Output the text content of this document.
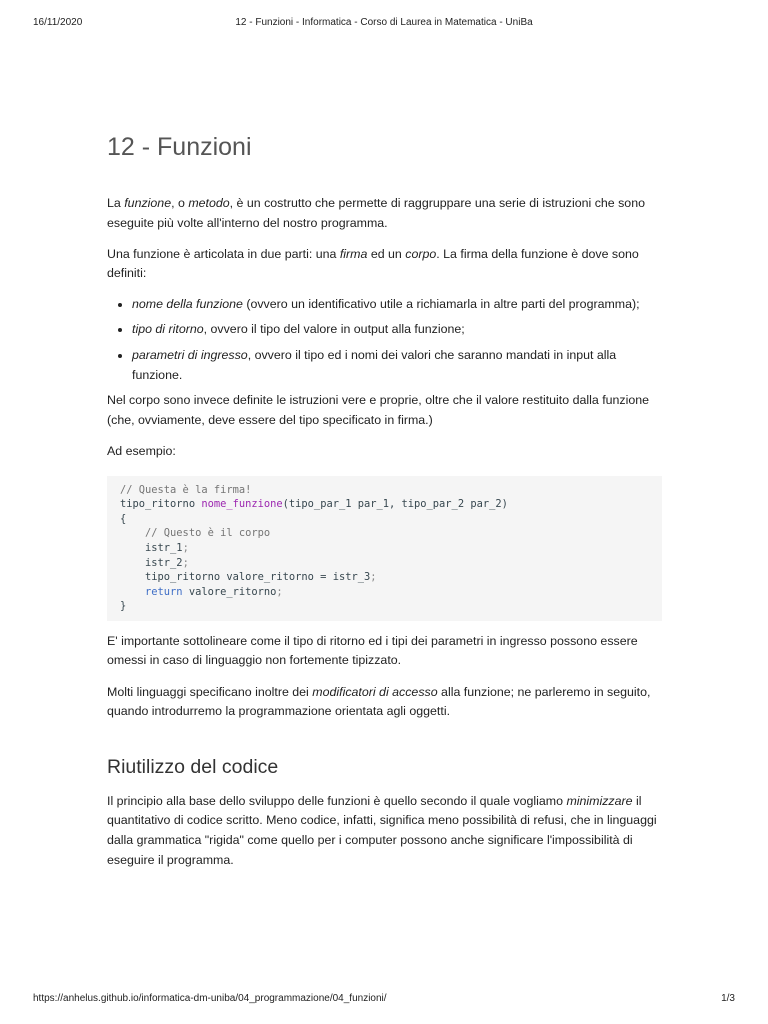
16/11/2020	12 - Funzioni - Informatica - Corso di Laurea in Matematica - UniBa
12 - Funzioni

La funzione, o metodo, è un costrutto che permette di raggruppare una serie di istruzioni che sono eseguite più volte all'interno del nostro programma.

Una funzione è articolata in due parti: una firma ed un corpo. La firma della funzione è dove sono definiti:

• nome della funzione (ovvero un identificativo utile a richiamarla in altre parti del programma);
• tipo di ritorno, ovvero il tipo del valore in output alla funzione;
• parametri di ingresso, ovvero il tipo ed i nomi dei valori che saranno mandati in input alla funzione.

Nel corpo sono invece definite le istruzioni vere e proprie, oltre che il valore restituito dalla funzione (che, ovviamente, deve essere del tipo specificato in firma.)

Ad esempio:

// Questa è la firma!
tipo_ritorno nome_funzione(tipo_par_1 par_1, tipo_par_2 par_2)
{
// Questo è il corpo
istr_1;
istr_2;
tipo_ritorno valore_ritorno = istr_3;
return valore_ritorno;
}

E' importante sottolineare come il tipo di ritorno ed i tipi dei parametri in ingresso possono essere omessi in caso di linguaggio non fortemente tipizzato.

Molti linguaggi specificano inoltre dei modificatori di accesso alla funzione; ne parleremo in seguito, quando introdurremo la programmazione orientata agli oggetti.

Riutilizzo del codice

Il principio alla base dello sviluppo delle funzioni è quello secondo il quale vogliamo minimizzare il quantitativo di codice scritto. Meno codice, infatti, significa meno possibilità di refusi, che in linguaggi dalla grammatica "rigida" come quello per i computer possono anche significare l'impossibilità di eseguire il programma.

https://anhelus.github.io/informatica-dm-uniba/04_programmazione/04_funzioni/	1/3
